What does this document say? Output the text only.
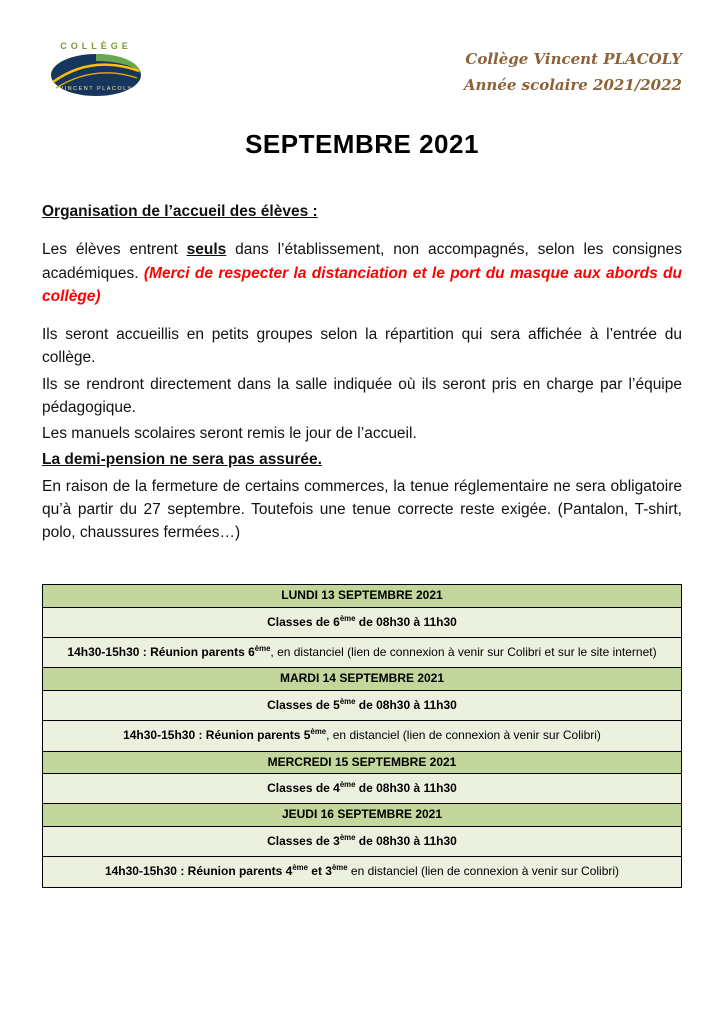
COLLÈGE
VINCENT PLACOLY
Collège Vincent PLACOLY
Année scolaire 2021/2022
SEPTEMBRE 2021

Organisation de l’accueil des élèves :

Les élèves entrent seuls dans l’établissement, non accompagnés, selon les consignes académiques. (Merci de respecter la distanciation et le port du masque aux abords du collège)

Ils seront accueillis en petits groupes selon la répartition qui sera affichée à l’entrée du collège.

Ils se rendront directement dans la salle indiquée où ils seront pris en charge par l’équipe pédagogique.

Les manuels scolaires seront remis le jour de l’accueil.

La demi-pension ne sera pas assurée.

En raison de la fermeture de certains commerces, la tenue réglementaire ne sera obligatoire qu’à partir du 27 septembre. Toutefois une tenue correcte reste exigée. (Pantalon, T-shirt, polo, chaussures fermées…)

LUNDI 13 SEPTEMBRE 2021
Classes de 6ème de 08h30 à 11h30
14h30-15h30 : Réunion parents 6ème, en distanciel (lien de connexion à venir sur Colibri et sur le site internet)
MARDI 14 SEPTEMBRE 2021
Classes de 5ème de 08h30 à 11h30
14h30-15h30 : Réunion parents 5ème, en distanciel (lien de connexion à venir sur Colibri)
MERCREDI 15 SEPTEMBRE 2021
Classes de 4ème de 08h30 à 11h30
JEUDI 16 SEPTEMBRE 2021
Classes de 3ème de 08h30 à 11h30
14h30-15h30 : Réunion parents 4ème et 3ème en distanciel (lien de connexion à venir sur Colibri)
